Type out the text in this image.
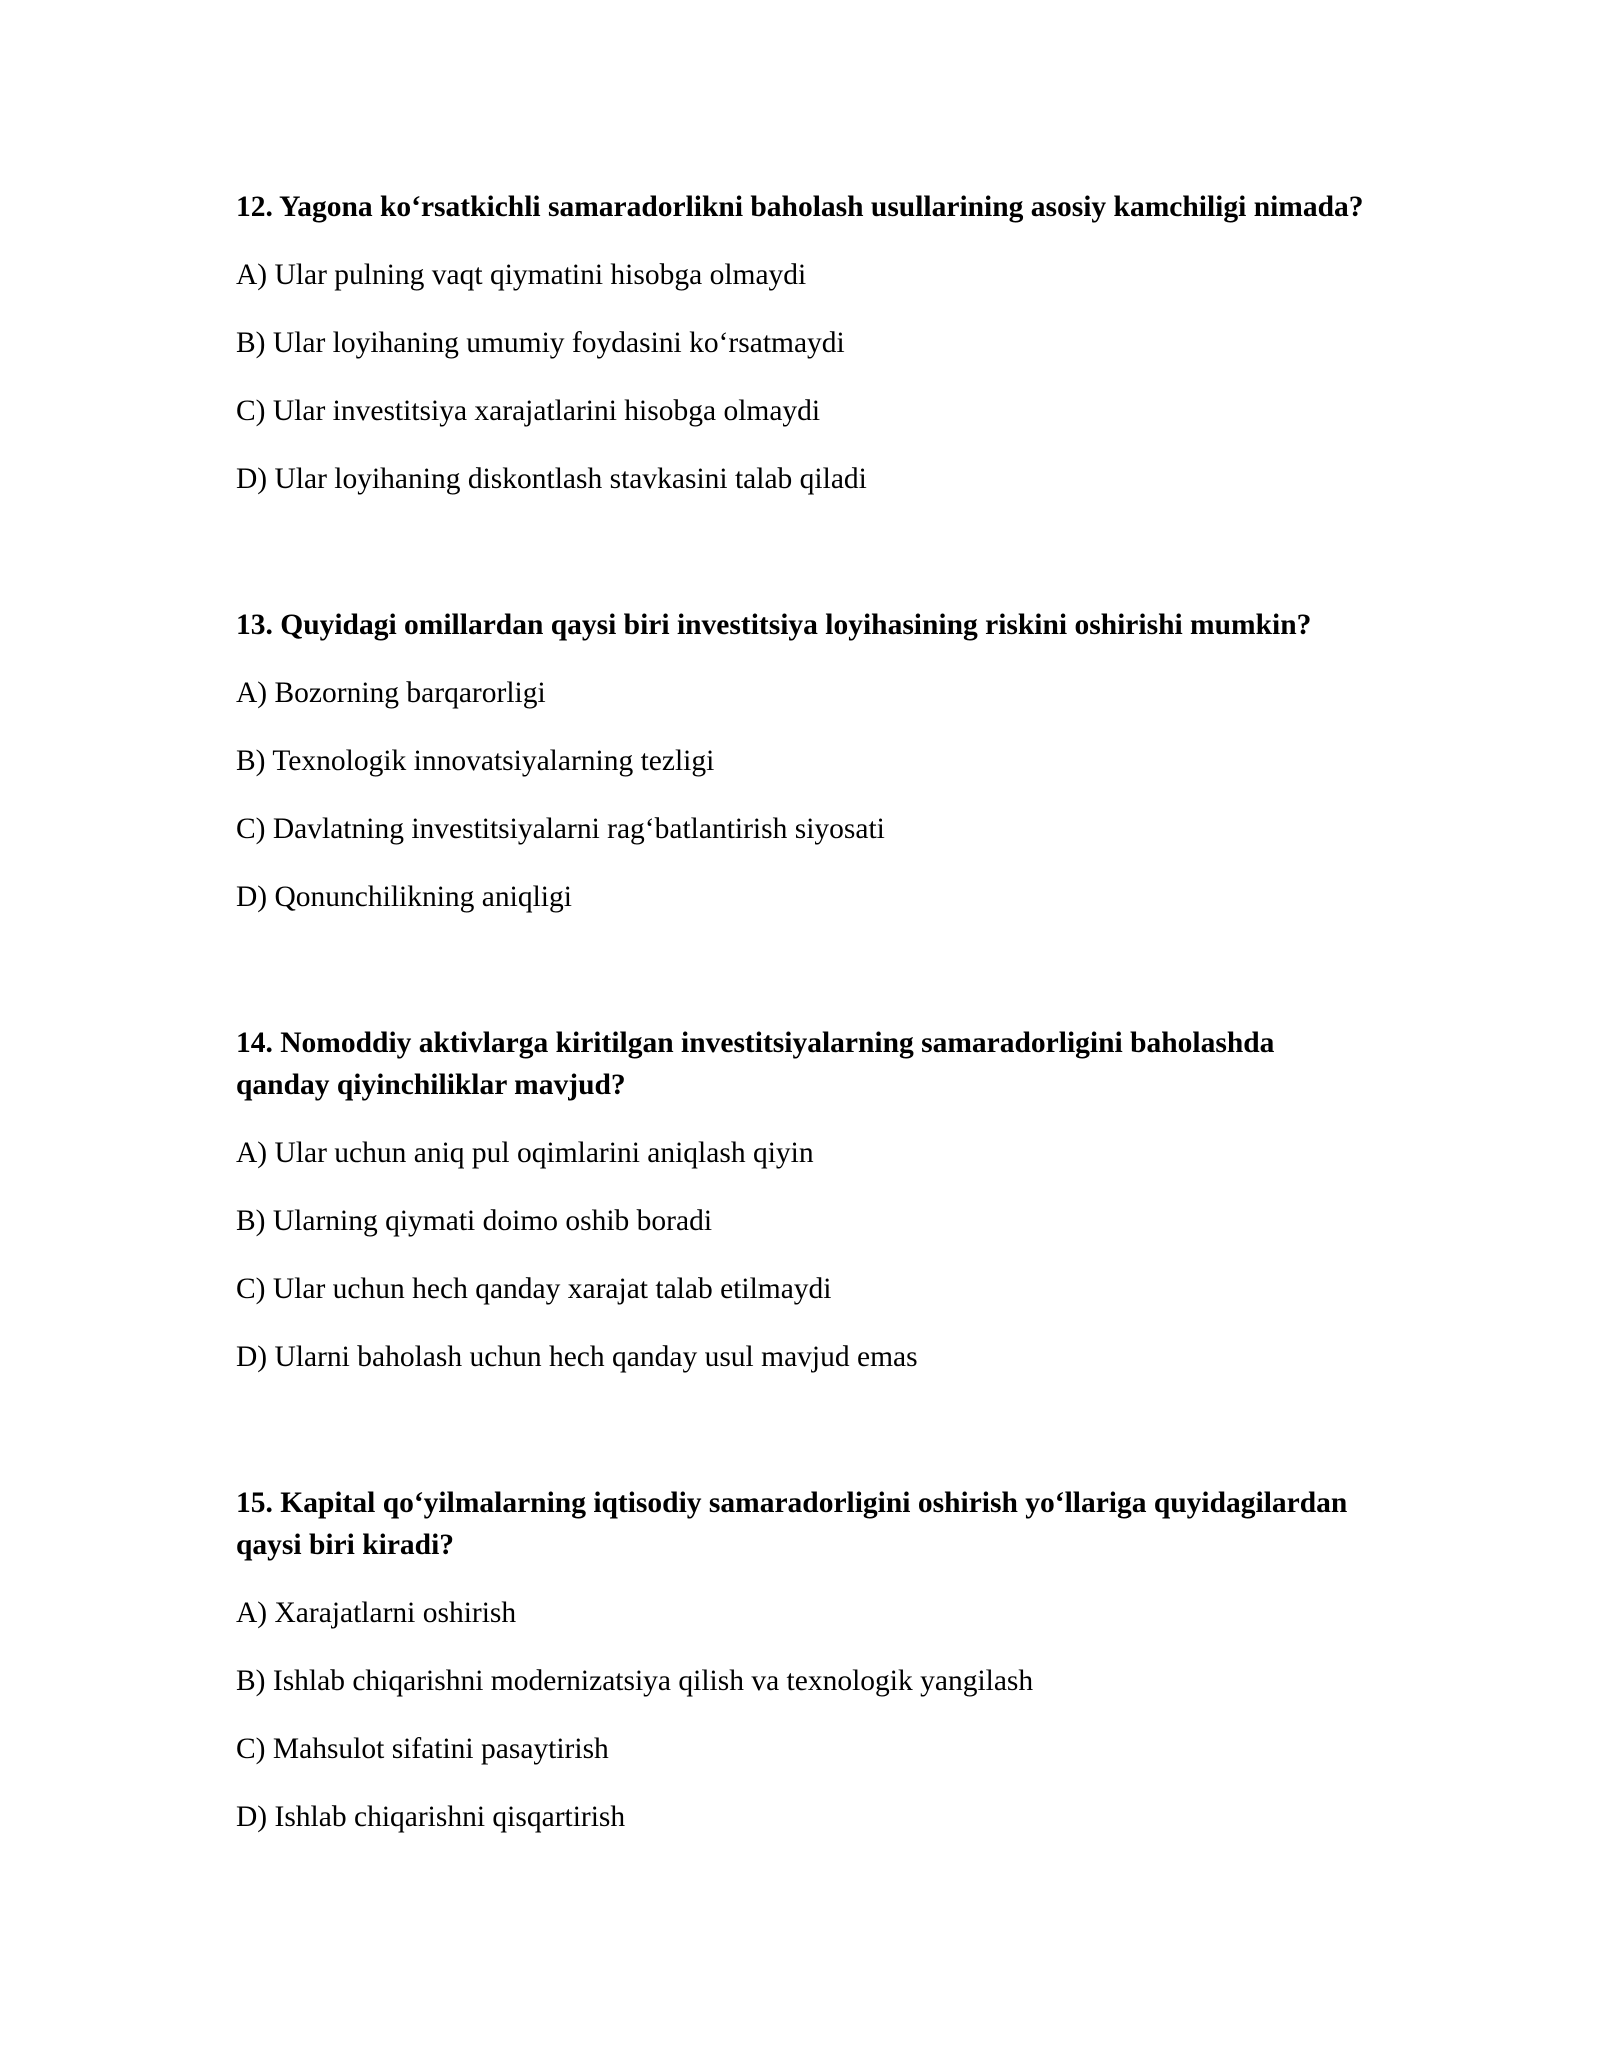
12. Yagona ko‘rsatkichli samaradorlikni baholash usullarining asosiy kamchiligi nimada?

A) Ular pulning vaqt qiymatini hisobga olmaydi

B) Ular loyihaning umumiy foydasini ko‘rsatmaydi

C) Ular investitsiya xarajatlarini hisobga olmaydi

D) Ular loyihaning diskontlash stavkasini talab qiladi

13. Quyidagi omillardan qaysi biri investitsiya loyihasining riskini oshirishi mumkin?

A) Bozorning barqarorligi

B) Texnologik innovatsiyalarning tezligi

C) Davlatning investitsiyalarni rag‘batlantirish siyosati

D) Qonunchilikning aniqligi

14. Nomoddiy aktivlarga kiritilgan investitsiyalarning samaradorligini baholashda qanday qiyinchiliklar mavjud?

A) Ular uchun aniq pul oqimlarini aniqlash qiyin

B) Ularning qiymati doimo oshib boradi

C) Ular uchun hech qanday xarajat talab etilmaydi

D) Ularni baholash uchun hech qanday usul mavjud emas

15. Kapital qo‘yilmalarning iqtisodiy samaradorligini oshirish yo‘llariga quyidagilardan qaysi biri kiradi?

A) Xarajatlarni oshirish

B) Ishlab chiqarishni modernizatsiya qilish va texnologik yangilash

C) Mahsulot sifatini pasaytirish

D) Ishlab chiqarishni qisqartirish
